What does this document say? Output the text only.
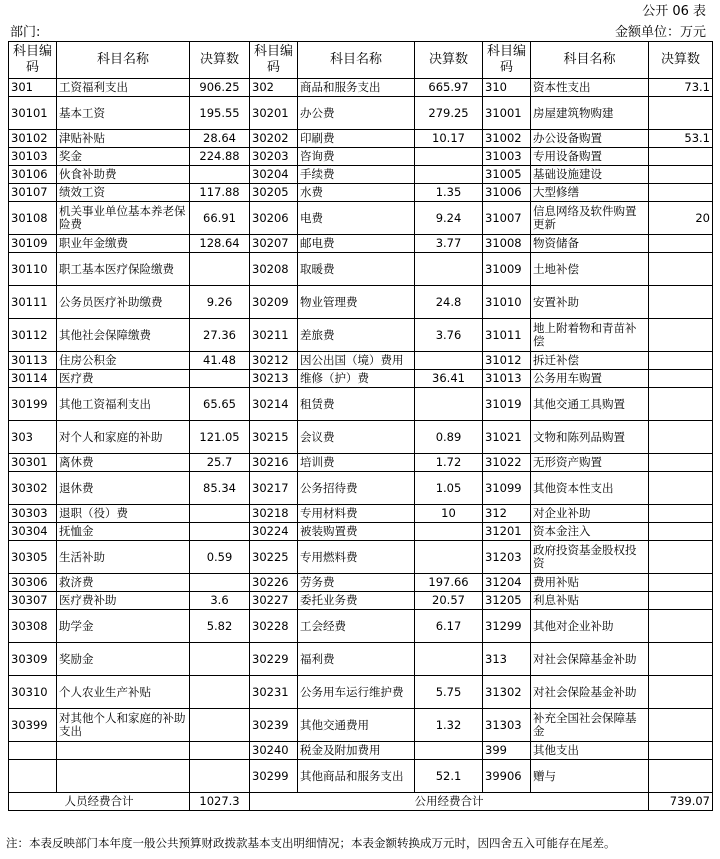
公开 06 表
部门:	金额单位：万元
科目编码	科目名称	决算数	科目编码	科目名称	决算数	科目编码	科目名称	决算数
301	工资福利支出	906.25	302	商品和服务支出	665.97	310	资本性支出	73.1
30101	基本工资	195.55	30201	办公费	279.25	31001	房屋建筑物购建	
30102	津贴补贴	28.64	30202	印刷费	10.17	31002	办公设备购置	53.1
30103	奖金	224.88	30203	咨询费		31003	专用设备购置	
30106	伙食补助费		30204	手续费		31005	基础设施建设	
30107	绩效工资	117.88	30205	水费	1.35	31006	大型修缮	
30108	机关事业单位基本养老保险费	66.91	30206	电费	9.24	31007	信息网络及软件购置更新	20
30109	职业年金缴费	128.64	30207	邮电费	3.77	31008	物资储备	
30110	职工基本医疗保险缴费		30208	取暖费		31009	土地补偿	
30111	公务员医疗补助缴费	9.26	30209	物业管理费	24.8	31010	安置补助	
30112	其他社会保障缴费	27.36	30211	差旅费	3.76	31011	地上附着物和青苗补偿	
30113	住房公积金	41.48	30212	因公出国（境）费用		31012	拆迁补偿	
30114	医疗费		30213	维修（护）费	36.41	31013	公务用车购置	
30199	其他工资福利支出	65.65	30214	租赁费		31019	其他交通工具购置	
303	对个人和家庭的补助	121.05	30215	会议费	0.89	31021	文物和陈列品购置	
30301	离休费	25.7	30216	培训费	1.72	31022	无形资产购置	
30302	退休费	85.34	30217	公务招待费	1.05	31099	其他资本性支出	
30303	退职（役）费		30218	专用材料费	10	312	对企业补助	
30304	抚恤金		30224	被装购置费		31201	资本金注入	
30305	生活补助	0.59	30225	专用燃料费		31203	政府投资基金股权投资	
30306	救济费		30226	劳务费	197.66	31204	费用补贴	
30307	医疗费补助	3.6	30227	委托业务费	20.57	31205	利息补贴	
30308	助学金	5.82	30228	工会经费	6.17	31299	其他对企业补助	
30309	奖励金		30229	福利费		313	对社会保障基金补助	
30310	个人农业生产补贴		30231	公务用车运行维护费	5.75	31302	对社会保险基金补助	
30399	对其他个人和家庭的补助支出		30239	其他交通费用	1.32	31303	补充全国社会保障基金	
			30240	税金及附加费用		399	其他支出	
			30299	其他商品和服务支出	52.1	39906	赠与	
人员经费合计		1027.3	公用经费合计					739.07
注：本表反映部门本年度一般公共预算财政拨款基本支出明细情况；本表金额转换成万元时，因四舍五入可能存在尾差。
